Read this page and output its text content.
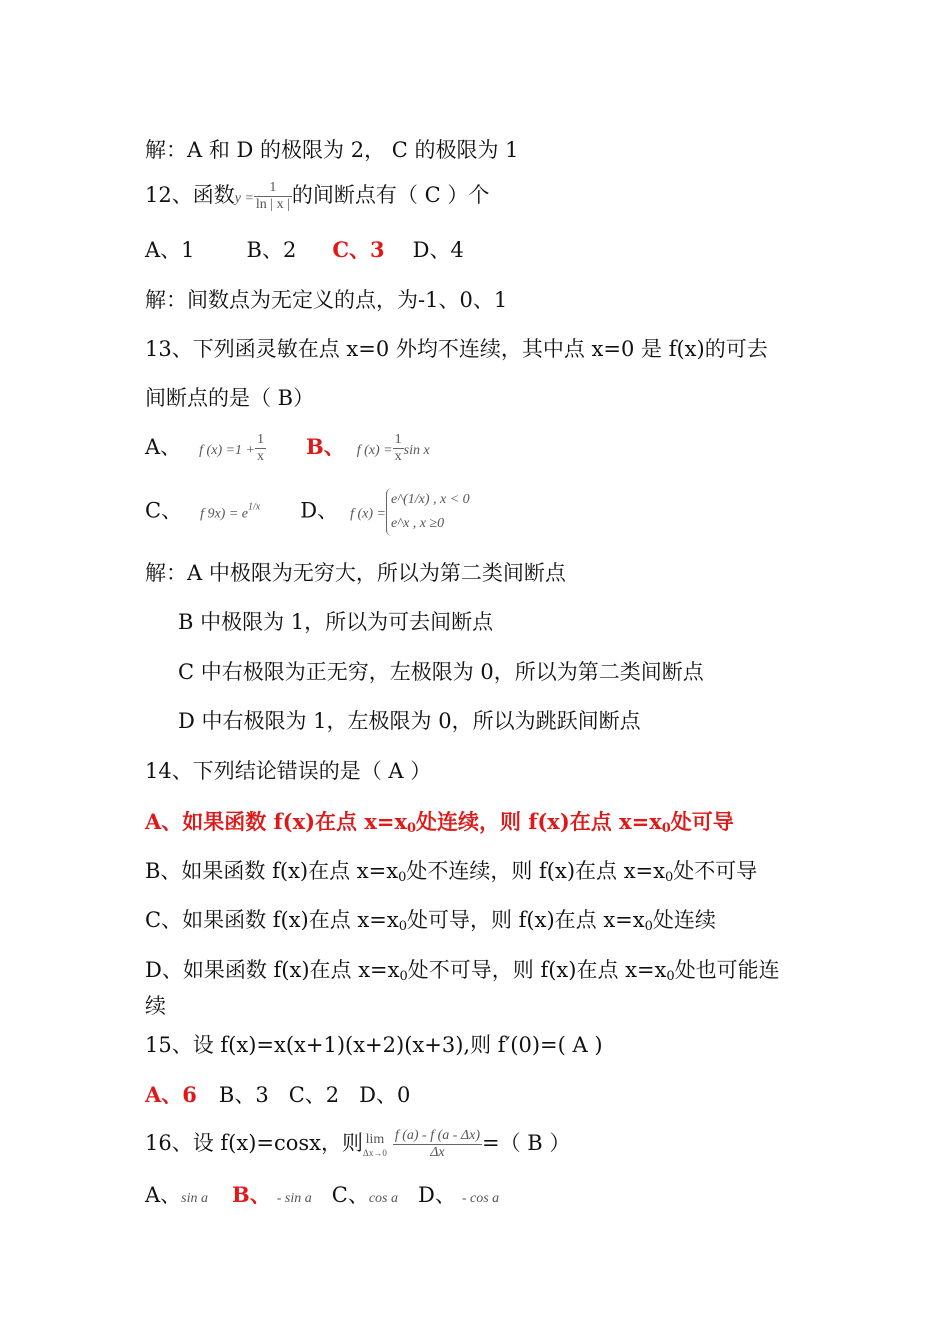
解：A 和 D 的极限为 2， C 的极限为 1
12、函数$y = \frac{1}{\ln | x |}$ 的间断点有（ C ）个
A、1 B、2 C、3 D、4
解：间数点为无定义的点，为-1、0、1
13、下列函灵敏在点 x=0 外均不连续，其中点 x=0 是 f(x)的可去
间断点的是（ B）
A、 f $(x) =1 + \frac{1}{x}$ B、 f $(x) = \frac{1}{x}$ sin x
C、 f $9x) = e^{1/x}$ D、 f (x) =
e^(1/x) , x < 0
e^x , x ≥0
解：A 中极限为无穷大，所以为第二类间断点
B 中极限为 1，所以为可去间断点
C 中右极限为正无穷，左极限为 0，所以为第二类间断点
D 中右极限为 1，左极限为 0，所以为跳跃间断点
14、下列结论错误的是（ A ）
A、如果函数 f(x)在点 $x=x_0$处连续，则 f(x)在点 $x=x_0$处可导
B、如果函数 f(x)在点 $x=x_0$处不连续，则 f(x)在点 $x=x_0$处不可导
C、如果函数 f(x)在点 $x=x_0$处可导，则 f(x)在点 $x=x_0$处连续
D、如果函数 f(x)在点 $x=x_0$处不可导，则 f(x)在点 $x=x_0$处也可能连
续
15、设 f(x)=x(x+1)(x+2)(x+3),则 f′(0)=( A )
A、6 B、3 C、2 D、0
16、设 f(x)=cosx，则 lim
$\Delta x\to 0 \frac{f (a) - f (a - \Delta x)}{\Delta x}$ =（ B ）
A、sin a B、 - sin a C、cos a D、 - cos a
